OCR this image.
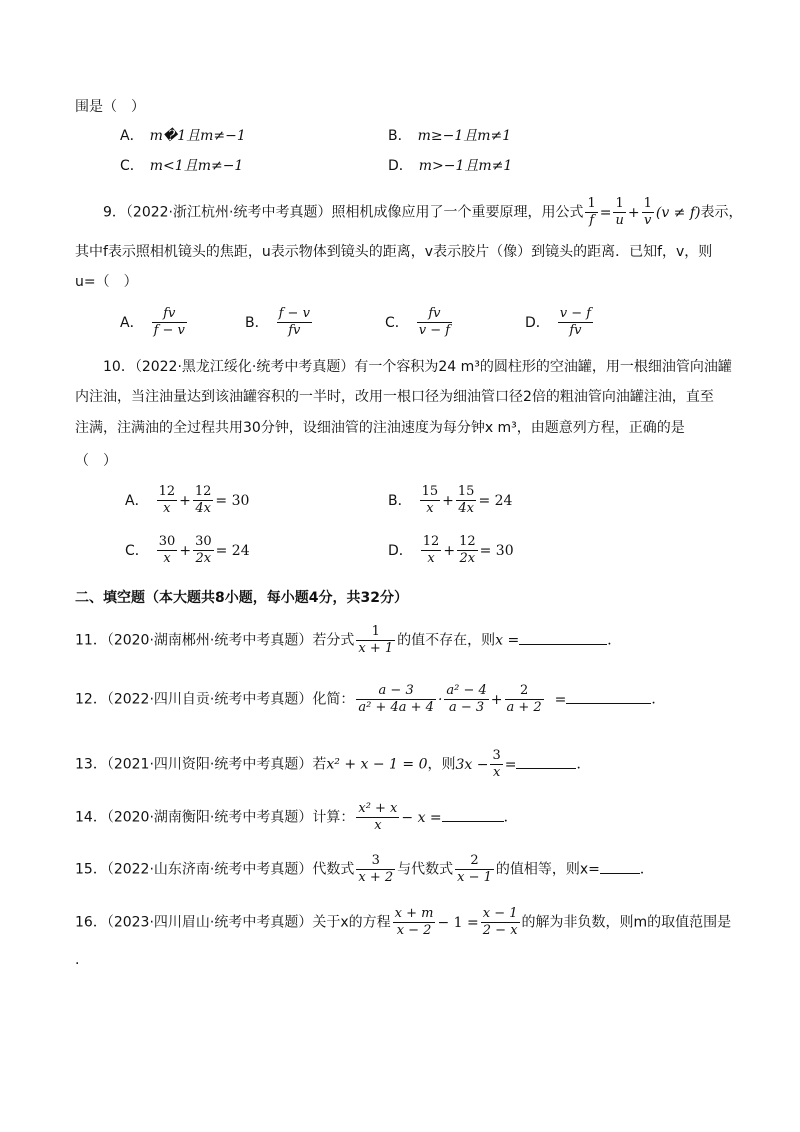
围是（　）
A． m�1且m≠−1	B． m≥−1且m≠1
C． m<1且m≠−1	D． m>−1且m≠1
9．（2022·浙江杭州·统考中考真题）照相机成像应用了一个重要原理，用公式 $\frac{1}{f} = \frac{1}{u} + \frac{1}{v} (v \ne f)$表示，
其中f表示照相机镜头的焦距，u表示物体到镜头的距离，v表示胶片（像）到镜头的距离．已知f，v，则
u=（　）
A． $\frac{fv}{f - v}$	B． $\frac{f - v}{fv}$	C． $\frac{fv}{v - f}$	D． $\frac{v - f}{fv}$
10．（2022·黑龙江绥化·统考中考真题）有一个容积为24 m³的圆柱形的空油罐，用一根细油管向油罐
内注油，当注油量达到该油罐容积的一半时，改用一根口径为细油管口径2倍的粗油管向油罐注油，直至
注满，注满油的全过程共用30分钟，设细油管的注油速度为每分钟x m³，由题意列方程，正确的是
（　）
A． $\frac{12}{x} + \frac{12}{4x} = 30$	B． $\frac{15}{x} + \frac{15}{4x} = 24$
C． $\frac{30}{x} + \frac{30}{2x} = 24$	D． $\frac{12}{x} + \frac{12}{2x} = 30$
二、填空题（本大题共8小题，每小题4分，共32分）
11．（2020·湖南郴州·统考中考真题）若分式 $\frac{1}{x + 1}$ 的值不存在，则x =	．
12．（2022·四川自贡·统考中考真题）化简： $\frac{a - 3}{\text{a² + 4a + 4}} \cdot \frac{\text{a² − 4}}{a - 3} + \frac{2}{a + 2}$ =	．
13．（2021·四川资阳·统考中考真题）若x² + x − 1 = 0，则$3x - \frac{3}{x}$ =	．
14．（2020·湖南衡阳·统考中考真题）计算： $\frac{\text{x² + x}}{x} - x$ =	．
15．（2022·山东济南·统考中考真题）代数式 $\frac{3}{x + 2}$ 与代数式 $\frac{2}{x - 1}$ 的值相等，则x=	．
16．（2023·四川眉山·统考中考真题）关于x的方程 $\frac{x + m}{x - 2} - 1 = \frac{x - 1}{2 - x}$ 的解为非负数，则m的取值范围是
.
